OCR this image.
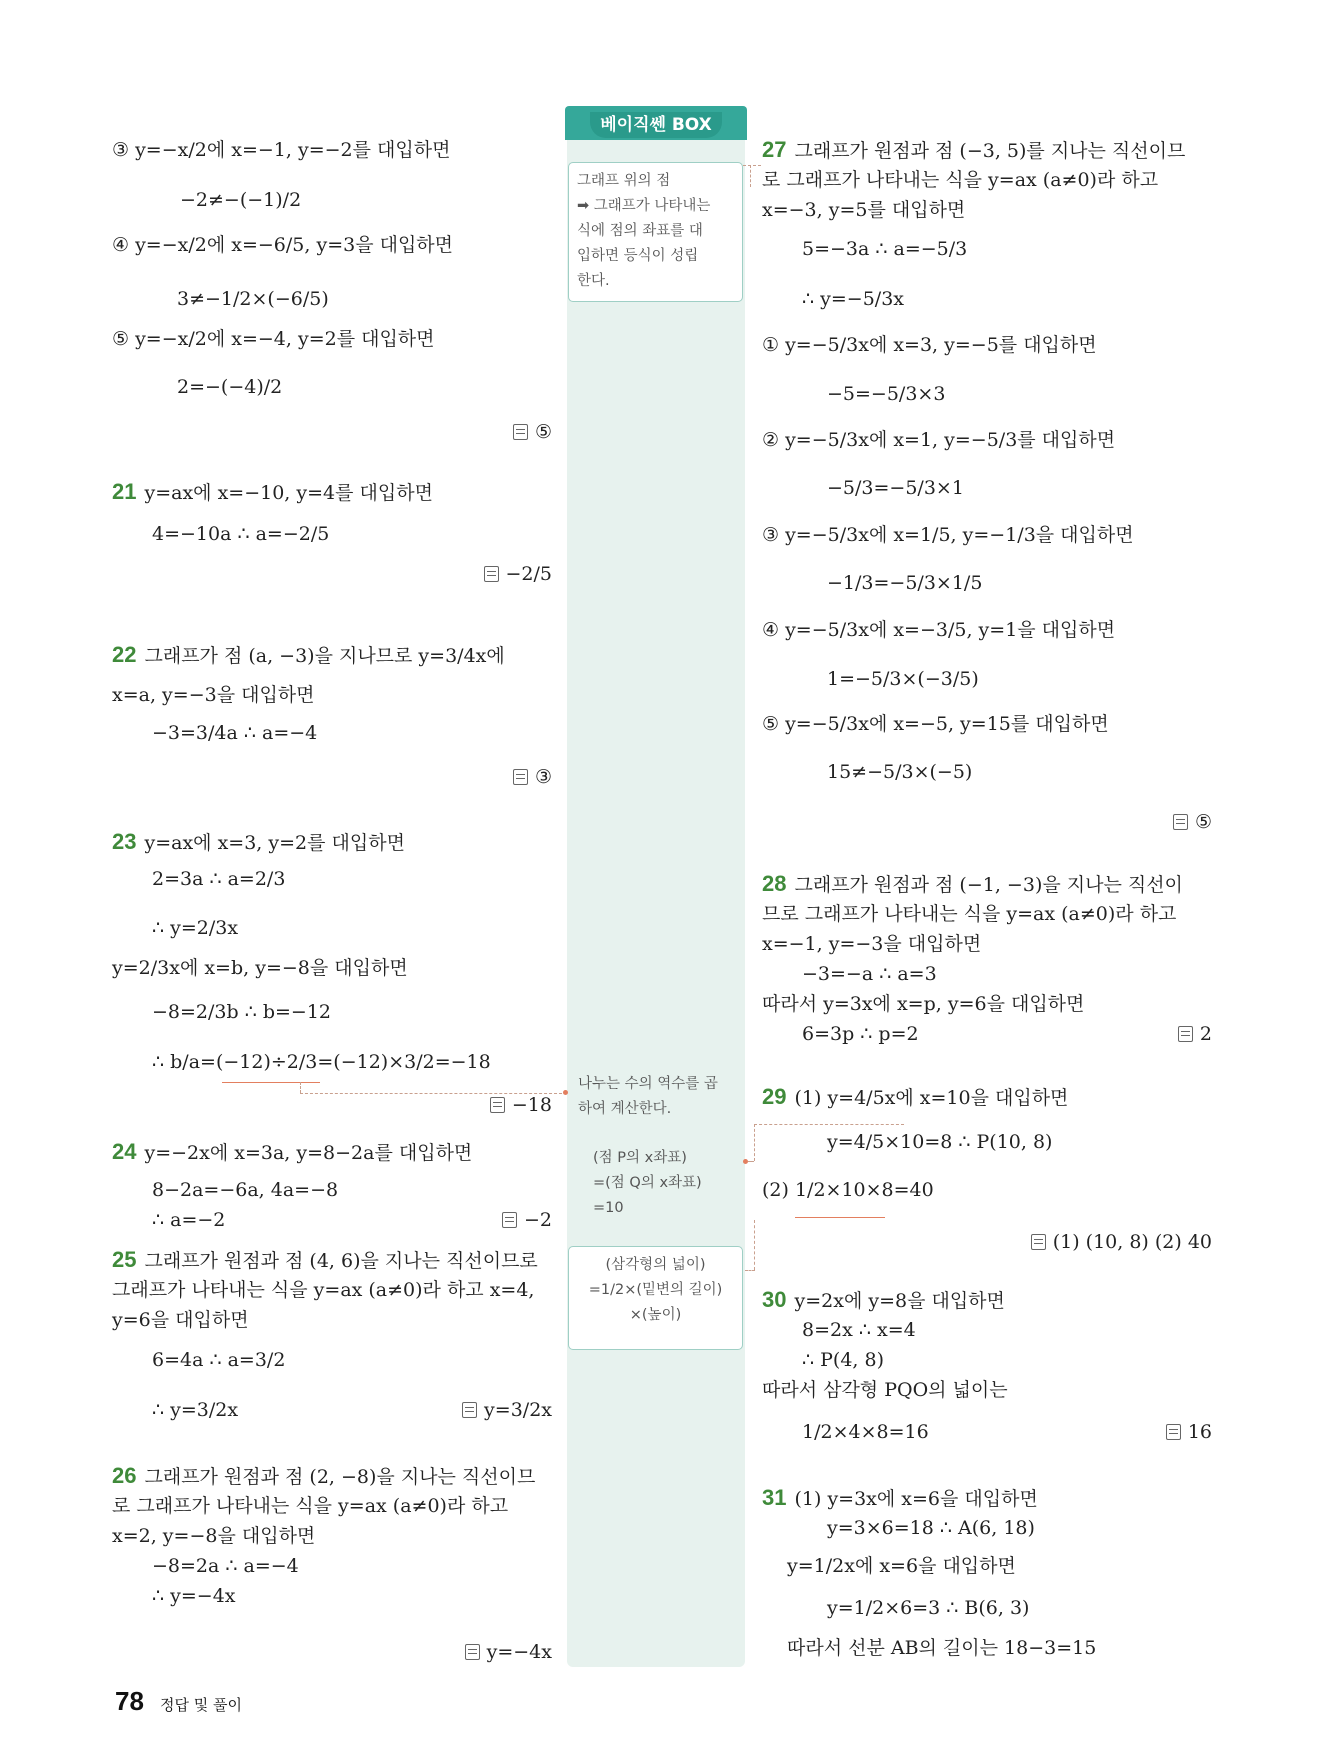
베이직쎈 BOX
그래프 위의 점
➡ 그래프가 나타내는
식에 점의 좌표를 대
입하면 등식이 성립
한다.
나누는 수의 역수를 곱
하여 계산한다.
(점 P의 x좌표)
=(점 Q의 x좌표)
=10
(삼각형의 넓이)
=1/2×(밑변의 길이)
×(높이)
③ y=−x/2에 x=−1, y=−2를 대입하면
−2≠−(−1)/2
④ y=−x/2에 x=−6/5, y=3을 대입하면
3≠−1/2×(−6/5)
⑤ y=−x/2에 x=−4, y=2를 대입하면
2=−(−4)/2
21 y=ax에 x=−10, y=4를 대입하면
4=−10a ∴ a=−2/5
22 그래프가 점 (a, −3)을 지나므로 y=3/4x에
x=a, y=−3을 대입하면
−3=3/4a ∴ a=−4
23 y=ax에 x=3, y=2를 대입하면
2=3a ∴ a=2/3
∴ y=2/3x
y=2/3x에 x=b, y=−8을 대입하면
−8=2/3b ∴ b=−12
∴ b/a=(−12)÷2/3=(−12)×3/2=−18
24 y=−2x에 x=3a, y=8−2a를 대입하면
8−2a=−6a, 4a=−8
∴ a=−2
25 그래프가 원점과 점 (4, 6)을 지나는 직선이므로
그래프가 나타내는 식을 y=ax (a≠0)라 하고 x=4,
y=6을 대입하면
6=4a ∴ a=3/2
∴ y=3/2x
26 그래프가 원점과 점 (2, −8)을 지나는 직선이므
로 그래프가 나타내는 식을 y=ax (a≠0)라 하고
x=2, y=−8을 대입하면
−8=2a ∴ a=−4
∴ y=−4x
⑤
−2/5
③
−18
−2
y=3/2x
y=−4x
27 그래프가 원점과 점 (−3, 5)를 지나는 직선이므
로 그래프가 나타내는 식을 y=ax (a≠0)라 하고
x=−3, y=5를 대입하면
5=−3a ∴ a=−5/3
∴ y=−5/3x
① y=−5/3x에 x=3, y=−5를 대입하면
−5=−5/3×3
② y=−5/3x에 x=1, y=−5/3를 대입하면
−5/3=−5/3×1
③ y=−5/3x에 x=1/5, y=−1/3을 대입하면
−1/3=−5/3×1/5
④ y=−5/3x에 x=−3/5, y=1을 대입하면
1=−5/3×(−3/5)
⑤ y=−5/3x에 x=−5, y=15를 대입하면
15≠−5/3×(−5)
28 그래프가 원점과 점 (−1, −3)을 지나는 직선이
므로 그래프가 나타내는 식을 y=ax (a≠0)라 하고
x=−1, y=−3을 대입하면
−3=−a ∴ a=3
따라서 y=3x에 x=p, y=6을 대입하면
6=3p ∴ p=2
29 (1) y=4/5x에 x=10을 대입하면
y=4/5×10=8 ∴ P(10, 8)
(2) 1/2×10×8=40
30 y=2x에 y=8을 대입하면
8=2x ∴ x=4
∴ P(4, 8)
따라서 삼각형 PQO의 넓이는
1/2×4×8=16
31 (1) y=3x에 x=6을 대입하면
y=3×6=18 ∴ A(6, 18)
y=1/2x에 x=6을 대입하면
y=1/2×6=3 ∴ B(6, 3)
따라서 선분 AB의 길이는 18−3=15
⑤
2
(1) (10, 8) (2) 40
16
78 정답 및 풀이
